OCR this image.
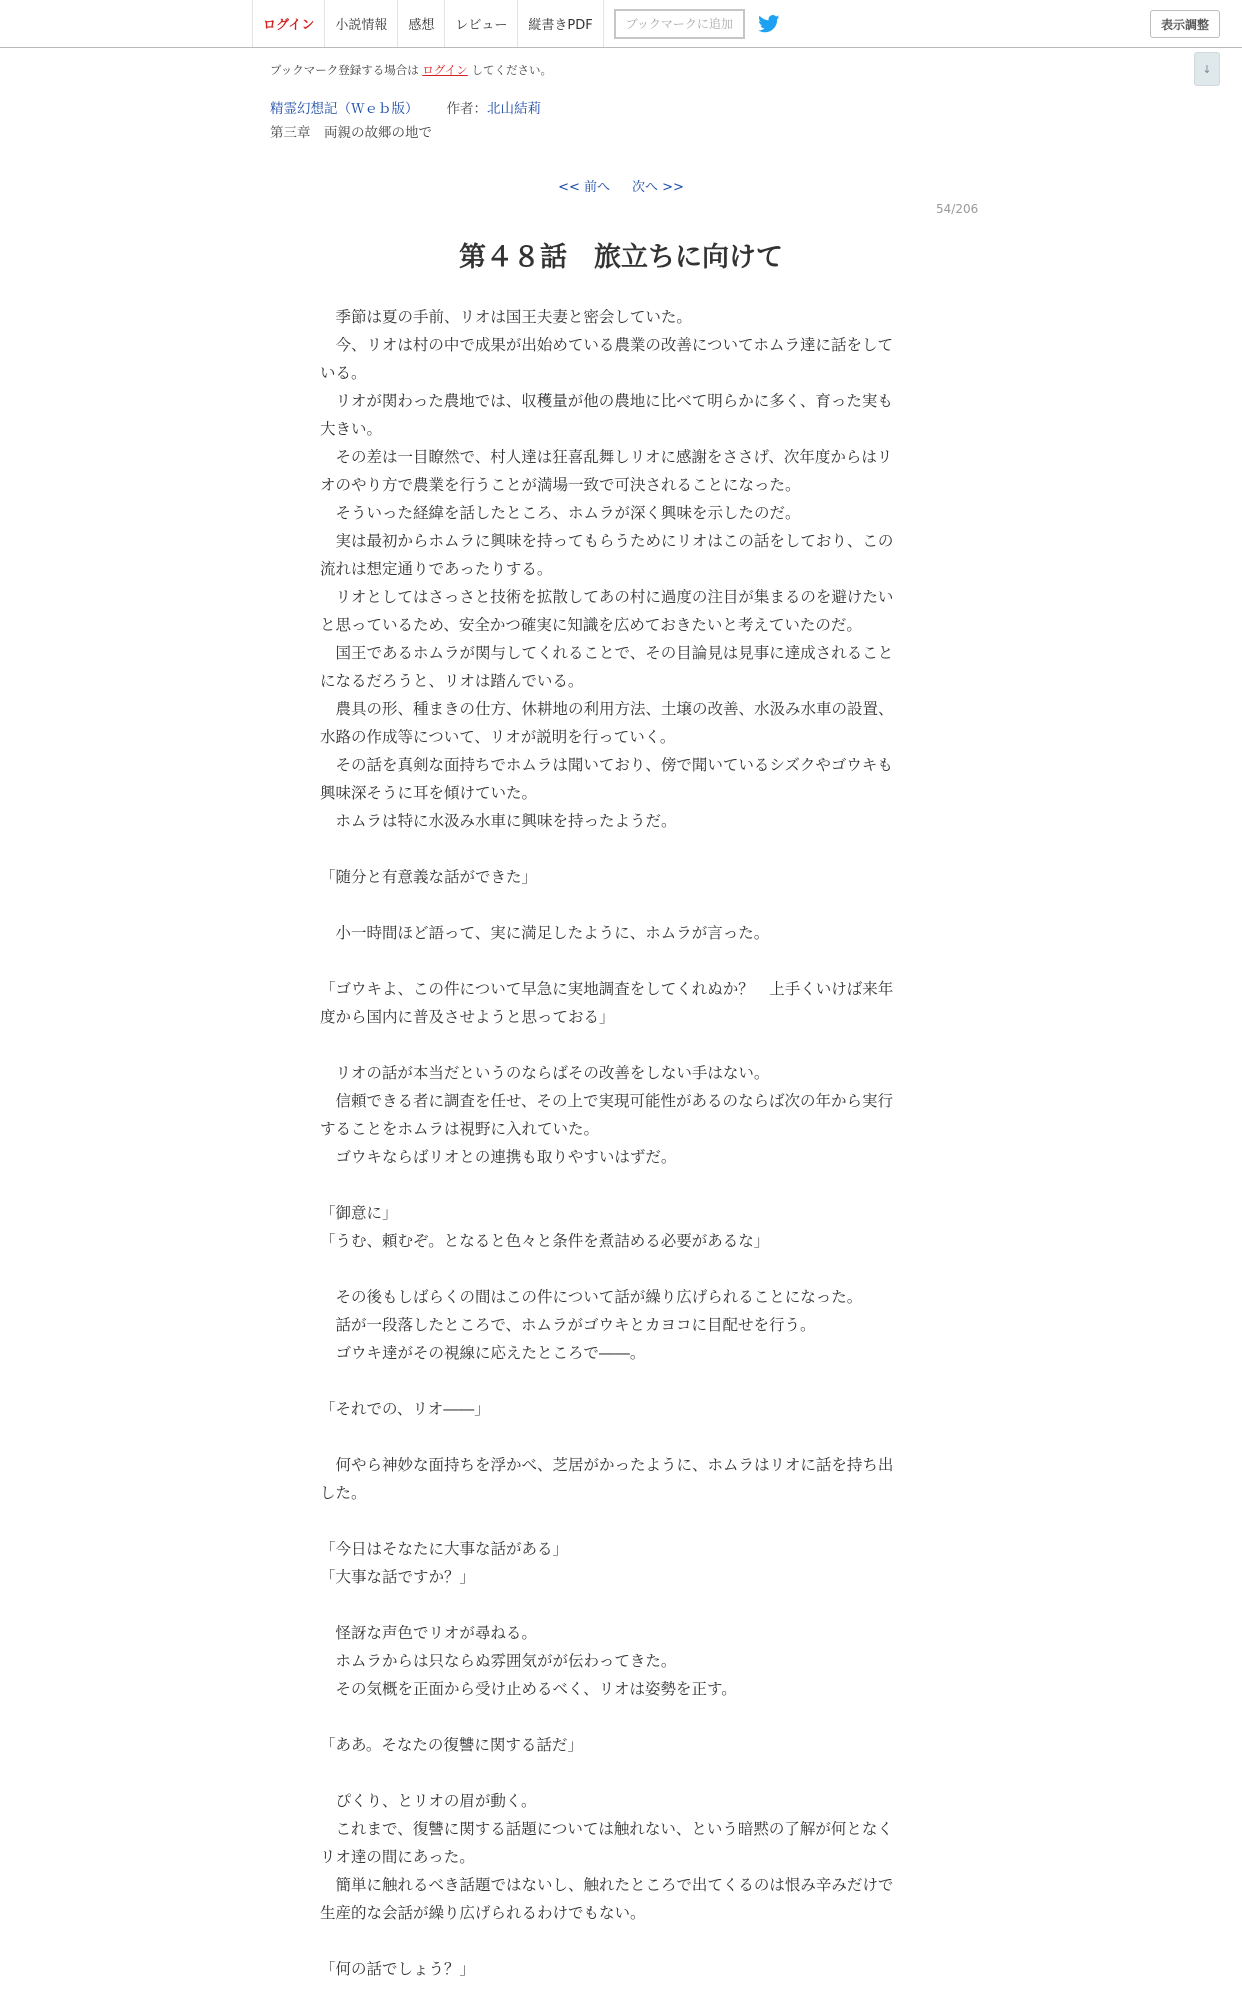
ログイン	小説情報	感想	レビュー	縦書きPDF	ブックマークに追加	表示調整
↓
ブックマーク登録する場合は ログイン してください。
精霊幻想記（Ｗｅｂ版） 作者：北山結莉
第三章　両親の故郷の地で
<< 前へ 次へ >>
54/206
第４８話　旅立ちに向けて
　季節は夏の手前、リオは国王夫妻と密会していた。
　今、リオは村の中で成果が出始めている農業の改善についてホムラ達に話をして
いる。
　リオが関わった農地では、収穫量が他の農地に比べて明らかに多く、育った実も
大きい。
　その差は一目瞭然で、村人達は狂喜乱舞しリオに感謝をささげ、次年度からはリ
オのやり方で農業を行うことが満場一致で可決されることになった。
　そういった経緯を話したところ、ホムラが深く興味を示したのだ。
　実は最初からホムラに興味を持ってもらうためにリオはこの話をしており、この
流れは想定通りであったりする。
　リオとしてはさっさと技術を拡散してあの村に過度の注目が集まるのを避けたい
と思っているため、安全かつ確実に知識を広めておきたいと考えていたのだ。
　国王であるホムラが関与してくれることで、その目論見は見事に達成されること
になるだろうと、リオは踏んでいる。
　農具の形、種まきの仕方、休耕地の利用方法、土壌の改善、水汲み水車の設置、
水路の作成等について、リオが説明を行っていく。
　その話を真剣な面持ちでホムラは聞いており、傍で聞いているシズクやゴウキも
興味深そうに耳を傾けていた。
　ホムラは特に水汲み水車に興味を持ったようだ。
「随分と有意義な話ができた」
　小一時間ほど語って、実に満足したように、ホムラが言った。
「ゴウキよ、この件について早急に実地調査をしてくれぬか？　上手くいけば来年
度から国内に普及させようと思っておる」
　リオの話が本当だというのならばその改善をしない手はない。
　信頼できる者に調査を任せ、その上で実現可能性があるのならば次の年から実行
することをホムラは視野に入れていた。
　ゴウキならばリオとの連携も取りやすいはずだ。
「御意に」
「うむ、頼むぞ。となると色々と条件を煮詰める必要があるな」
　その後もしばらくの間はこの件について話が繰り広げられることになった。
　話が一段落したところで、ホムラがゴウキとカヨコに目配せを行う。
　ゴウキ達がその視線に応えたところで――。
「それでの、リオ――」
　何やら神妙な面持ちを浮かべ、芝居がかったように、ホムラはリオに話を持ち出
した。
「今日はそなたに大事な話がある」
「大事な話ですか？」
　怪訝な声色でリオが尋ねる。
　ホムラからは只ならぬ雰囲気がが伝わってきた。
　その気概を正面から受け止めるべく、リオは姿勢を正す。
「ああ。そなたの復讐に関する話だ」
　ぴくり、とリオの眉が動く。
　これまで、復讐に関する話題については触れない、という暗黙の了解が何となく
リオ達の間にあった。
　簡単に触れるべき話題ではないし、触れたところで出てくるのは恨み辛みだけで
生産的な会話が繰り広げられるわけでもない。
「何の話でしょう？」
